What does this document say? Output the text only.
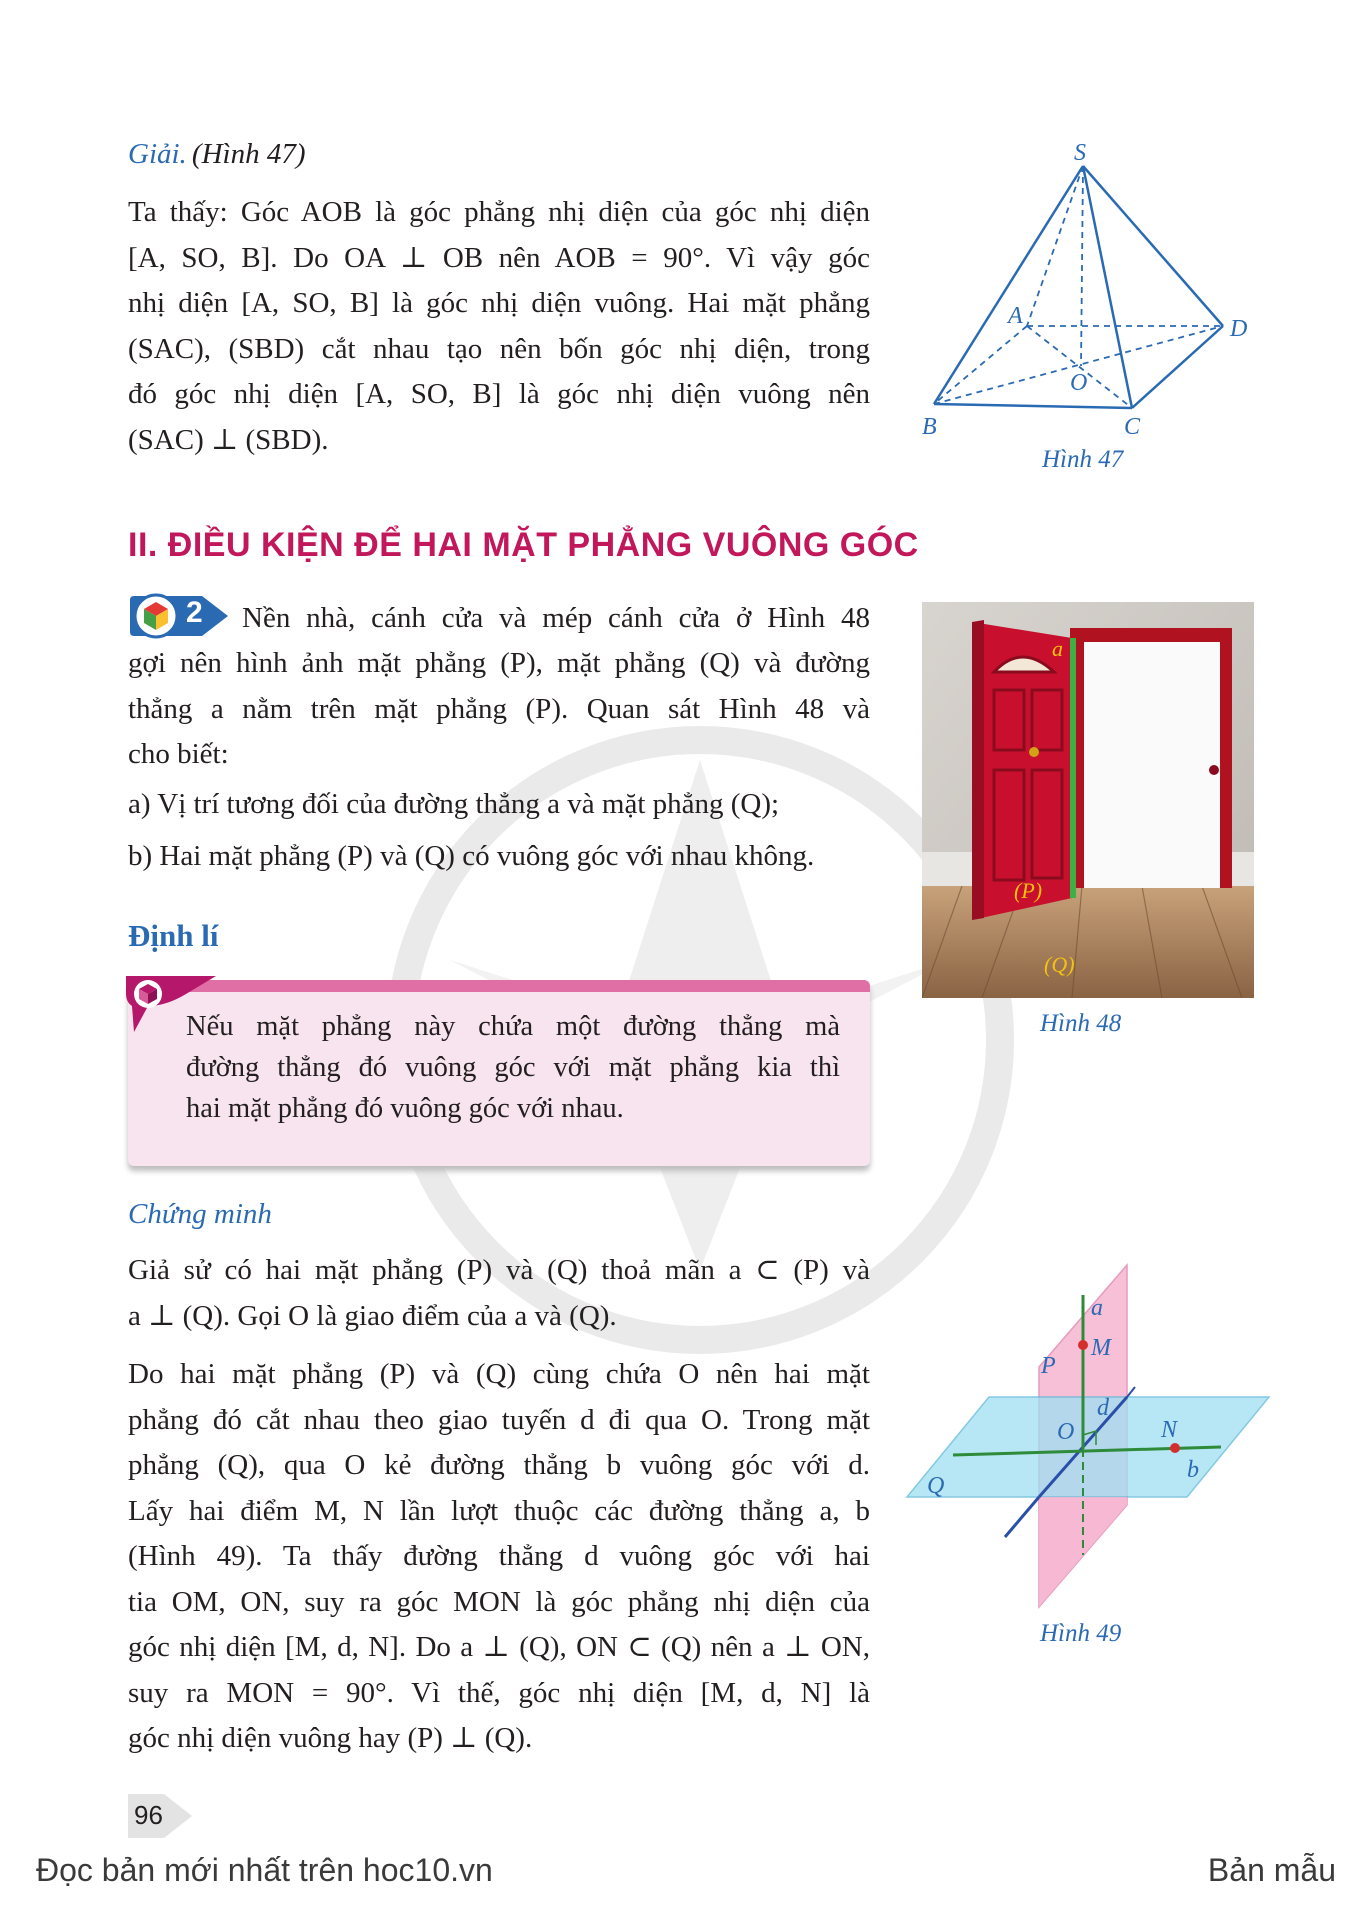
Giải. (Hình 47)
Ta thấy: Góc AOB là góc phẳng nhị diện của góc nhị diện
[A, SO, B]. Do OA ⊥ OB nên AOB = 90°. Vì vậy góc
nhị diện [A, SO, B] là góc nhị diện vuông. Hai mặt phẳng
(SAC), (SBD) cắt nhau tạo nên bốn góc nhị diện, trong
đó góc nhị diện [A, SO, B] là góc nhị diện vuông nên
(SAC) ⊥ (SBD).
S
A	D
O
B	C
Hình 47
II. ĐIỀU KIỆN ĐỂ HAI MẶT PHẲNG VUÔNG GÓC
2 Nền nhà, cánh cửa và mép cánh cửa ở Hình 48
gợi nên hình ảnh mặt phẳng (P), mặt phẳng (Q) và đường
thẳng a nằm trên mặt phẳng (P). Quan sát Hình 48 và
cho biết:
a) Vị trí tương đối của đường thẳng a và mặt phẳng (Q);
b) Hai mặt phẳng (P) và (Q) có vuông góc với nhau không.
a
(P)
(Q)
Hình 48
Định lí
Nếu mặt phẳng này chứa một đường thẳng mà
đường thẳng đó vuông góc với mặt phẳng kia thì
hai mặt phẳng đó vuông góc với nhau.
Chứng minh
Giả sử có hai mặt phẳng (P) và (Q) thoả mãn a ⊂ (P) và
a ⊥ (Q). Gọi O là giao điểm của a và (Q).
Do hai mặt phẳng (P) và (Q) cùng chứa O nên hai mặt
phẳng đó cắt nhau theo giao tuyến d đi qua O. Trong mặt
phẳng (Q), qua O kẻ đường thẳng b vuông góc với d.
Lấy hai điểm M, N lần lượt thuộc các đường thẳng a, b
(Hình 49). Ta thấy đường thẳng d vuông góc với hai
tia OM, ON, suy ra góc MON là góc phẳng nhị diện của
góc nhị diện [M, d, N]. Do a ⊥ (Q), ON ⊂ (Q) nên a ⊥ ON,
suy ra MON = 90°. Vì thế, góc nhị diện [M, d, N] là
góc nhị diện vuông hay (P) ⊥ (Q).
a
M
P
d
O	N
b
Q
Hình 49
96
Đọc bản mới nhất trên hoc10.vn	Bản mẫu
